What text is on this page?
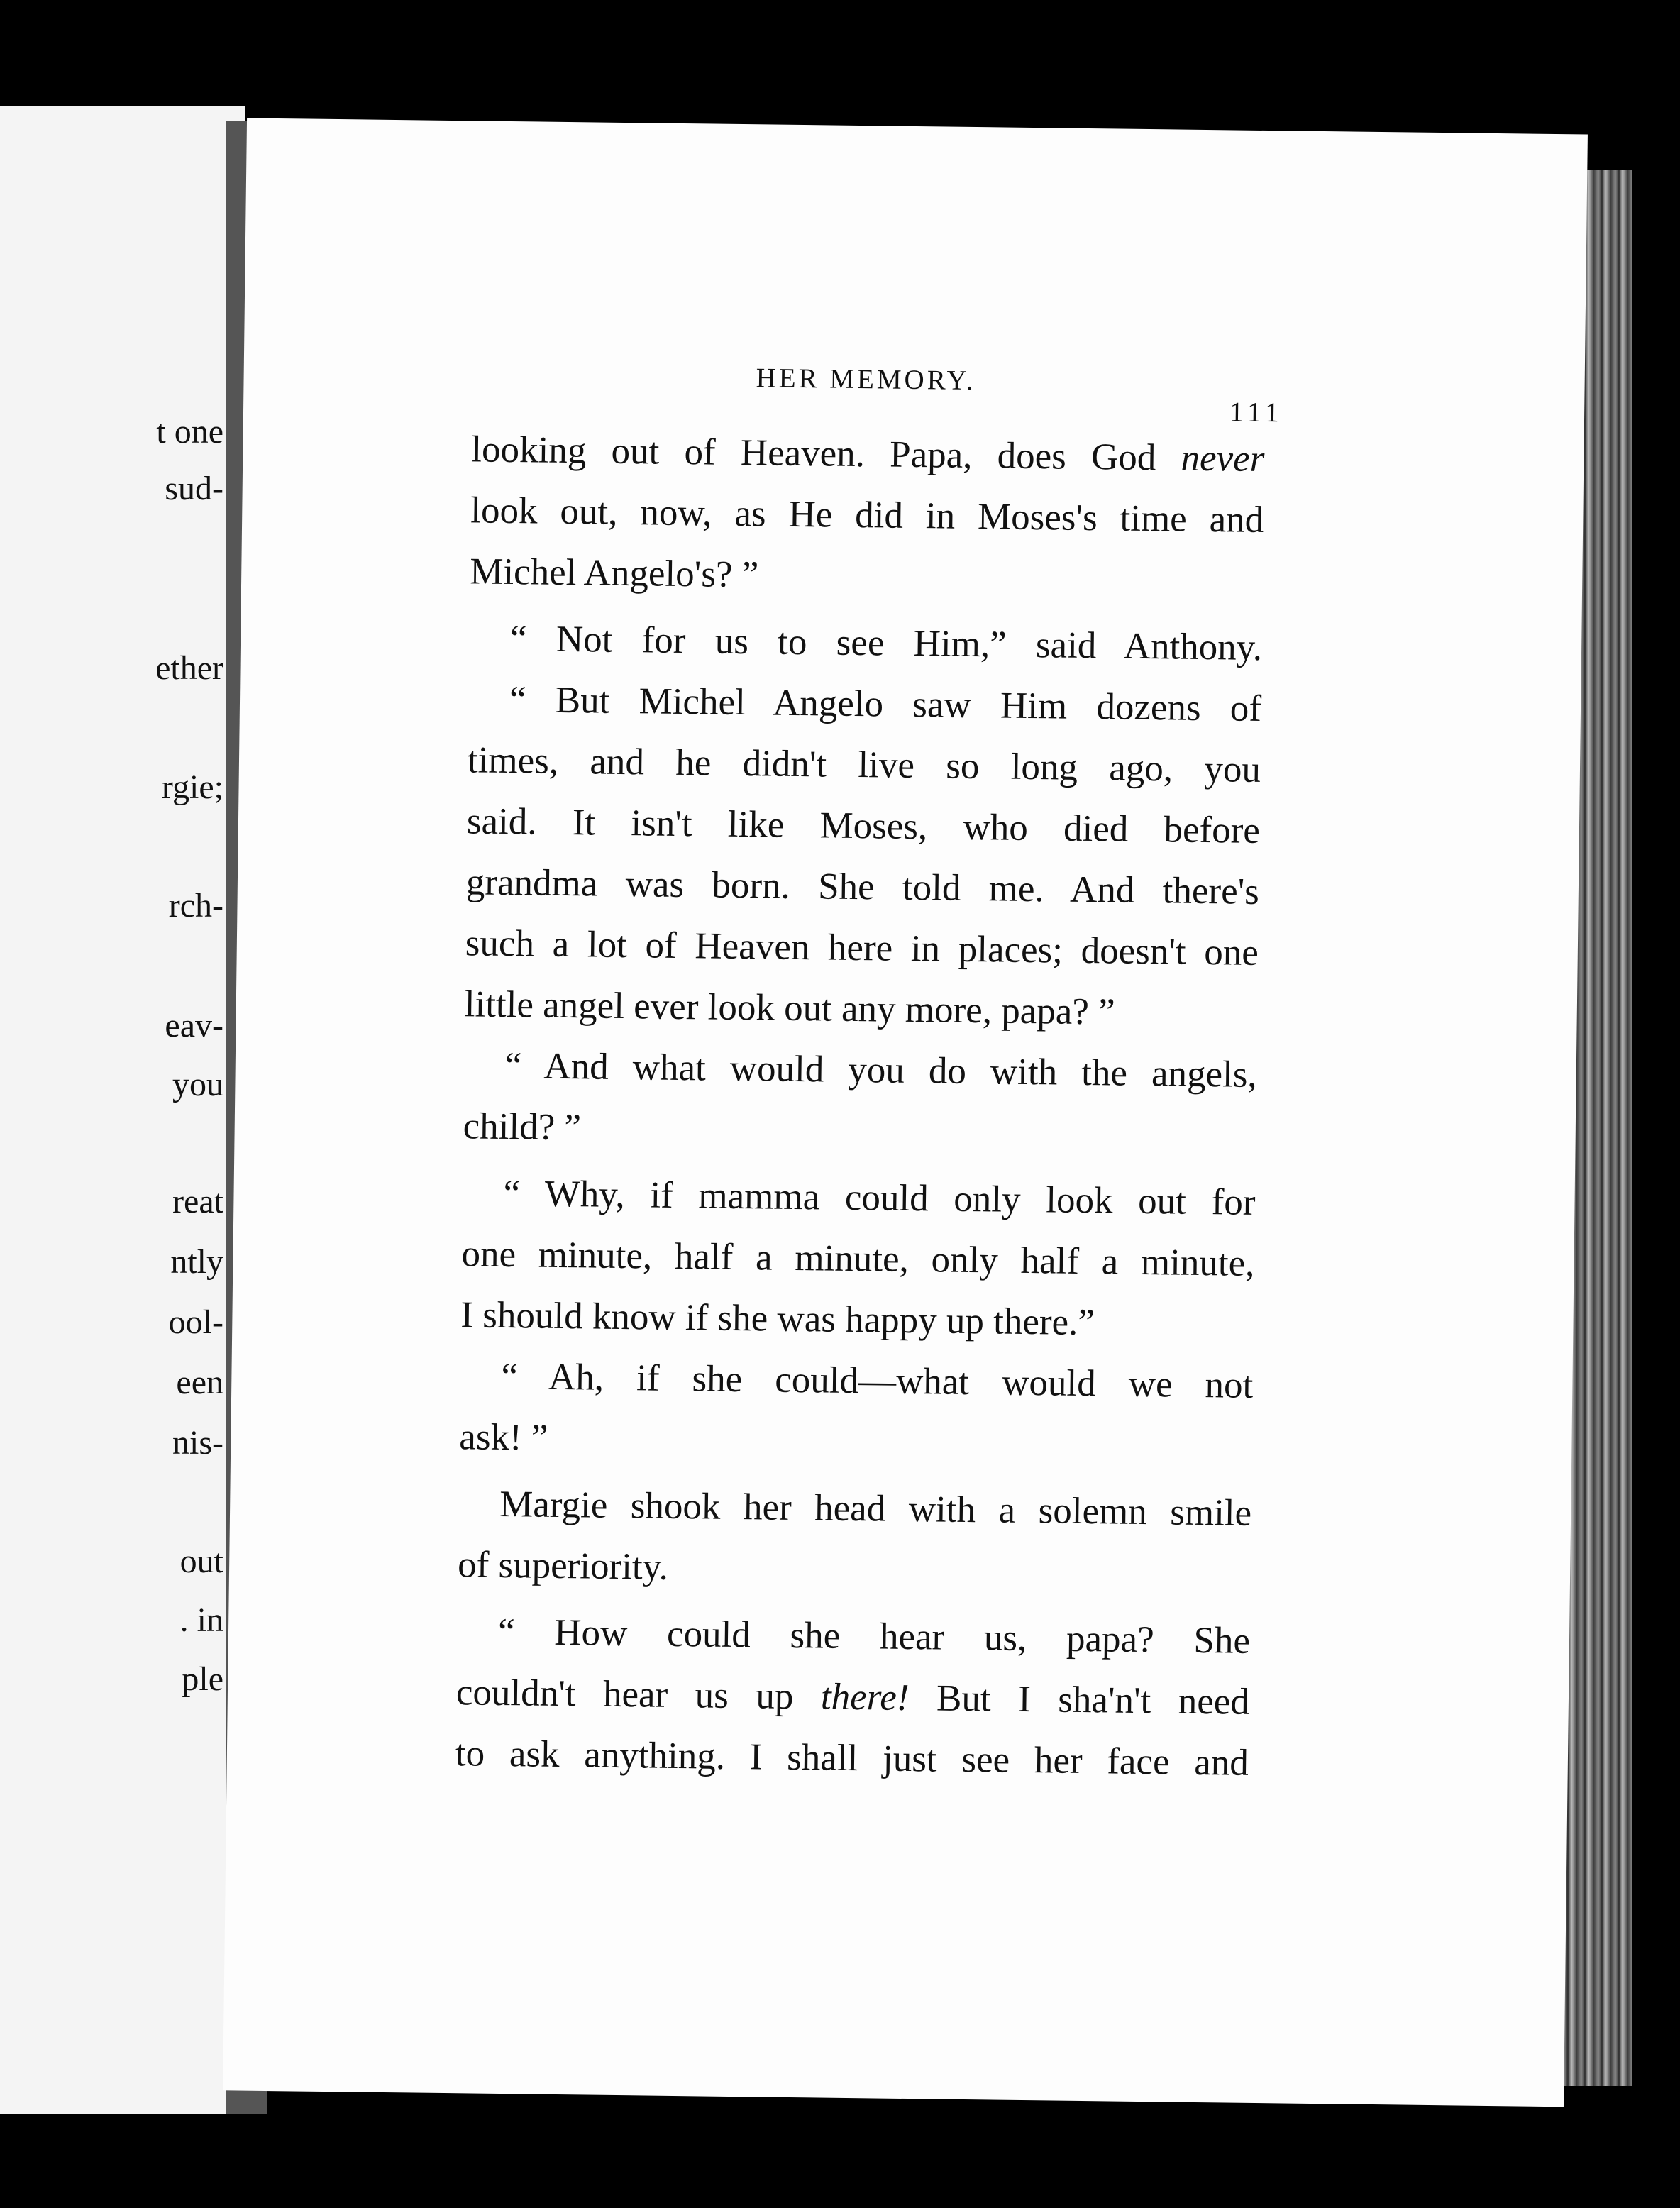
t one
sud-
ether
rgie;
rch-
eav-
you
reat
ntly
ool-
een
nis-
out
. in
ple
HER MEMORY.
111
looking out of Heaven. Papa, does God never
look out, now, as He did in Moses's time and
Michel Angelo's? ”
“ Not for us to see Him,” said Anthony.
“ But Michel Angelo saw Him dozens of
times, and he didn't live so long ago, you
said. It isn't like Moses, who died before
grandma was born. She told me. And there's
such a lot of Heaven here in places; doesn't one
little angel ever look out any more, papa? ”
“ And what would you do with the angels,
child? ”
“ Why, if mamma could only look out for
one minute, half a minute, only half a minute,
I should know if she was happy up there.”
“ Ah, if she could—what would we not
ask! ”
Margie shook her head with a solemn smile
of superiority.
“ How could she hear us, papa? She
couldn't hear us up there! But I sha'n't need
to ask anything. I shall just see her face and
